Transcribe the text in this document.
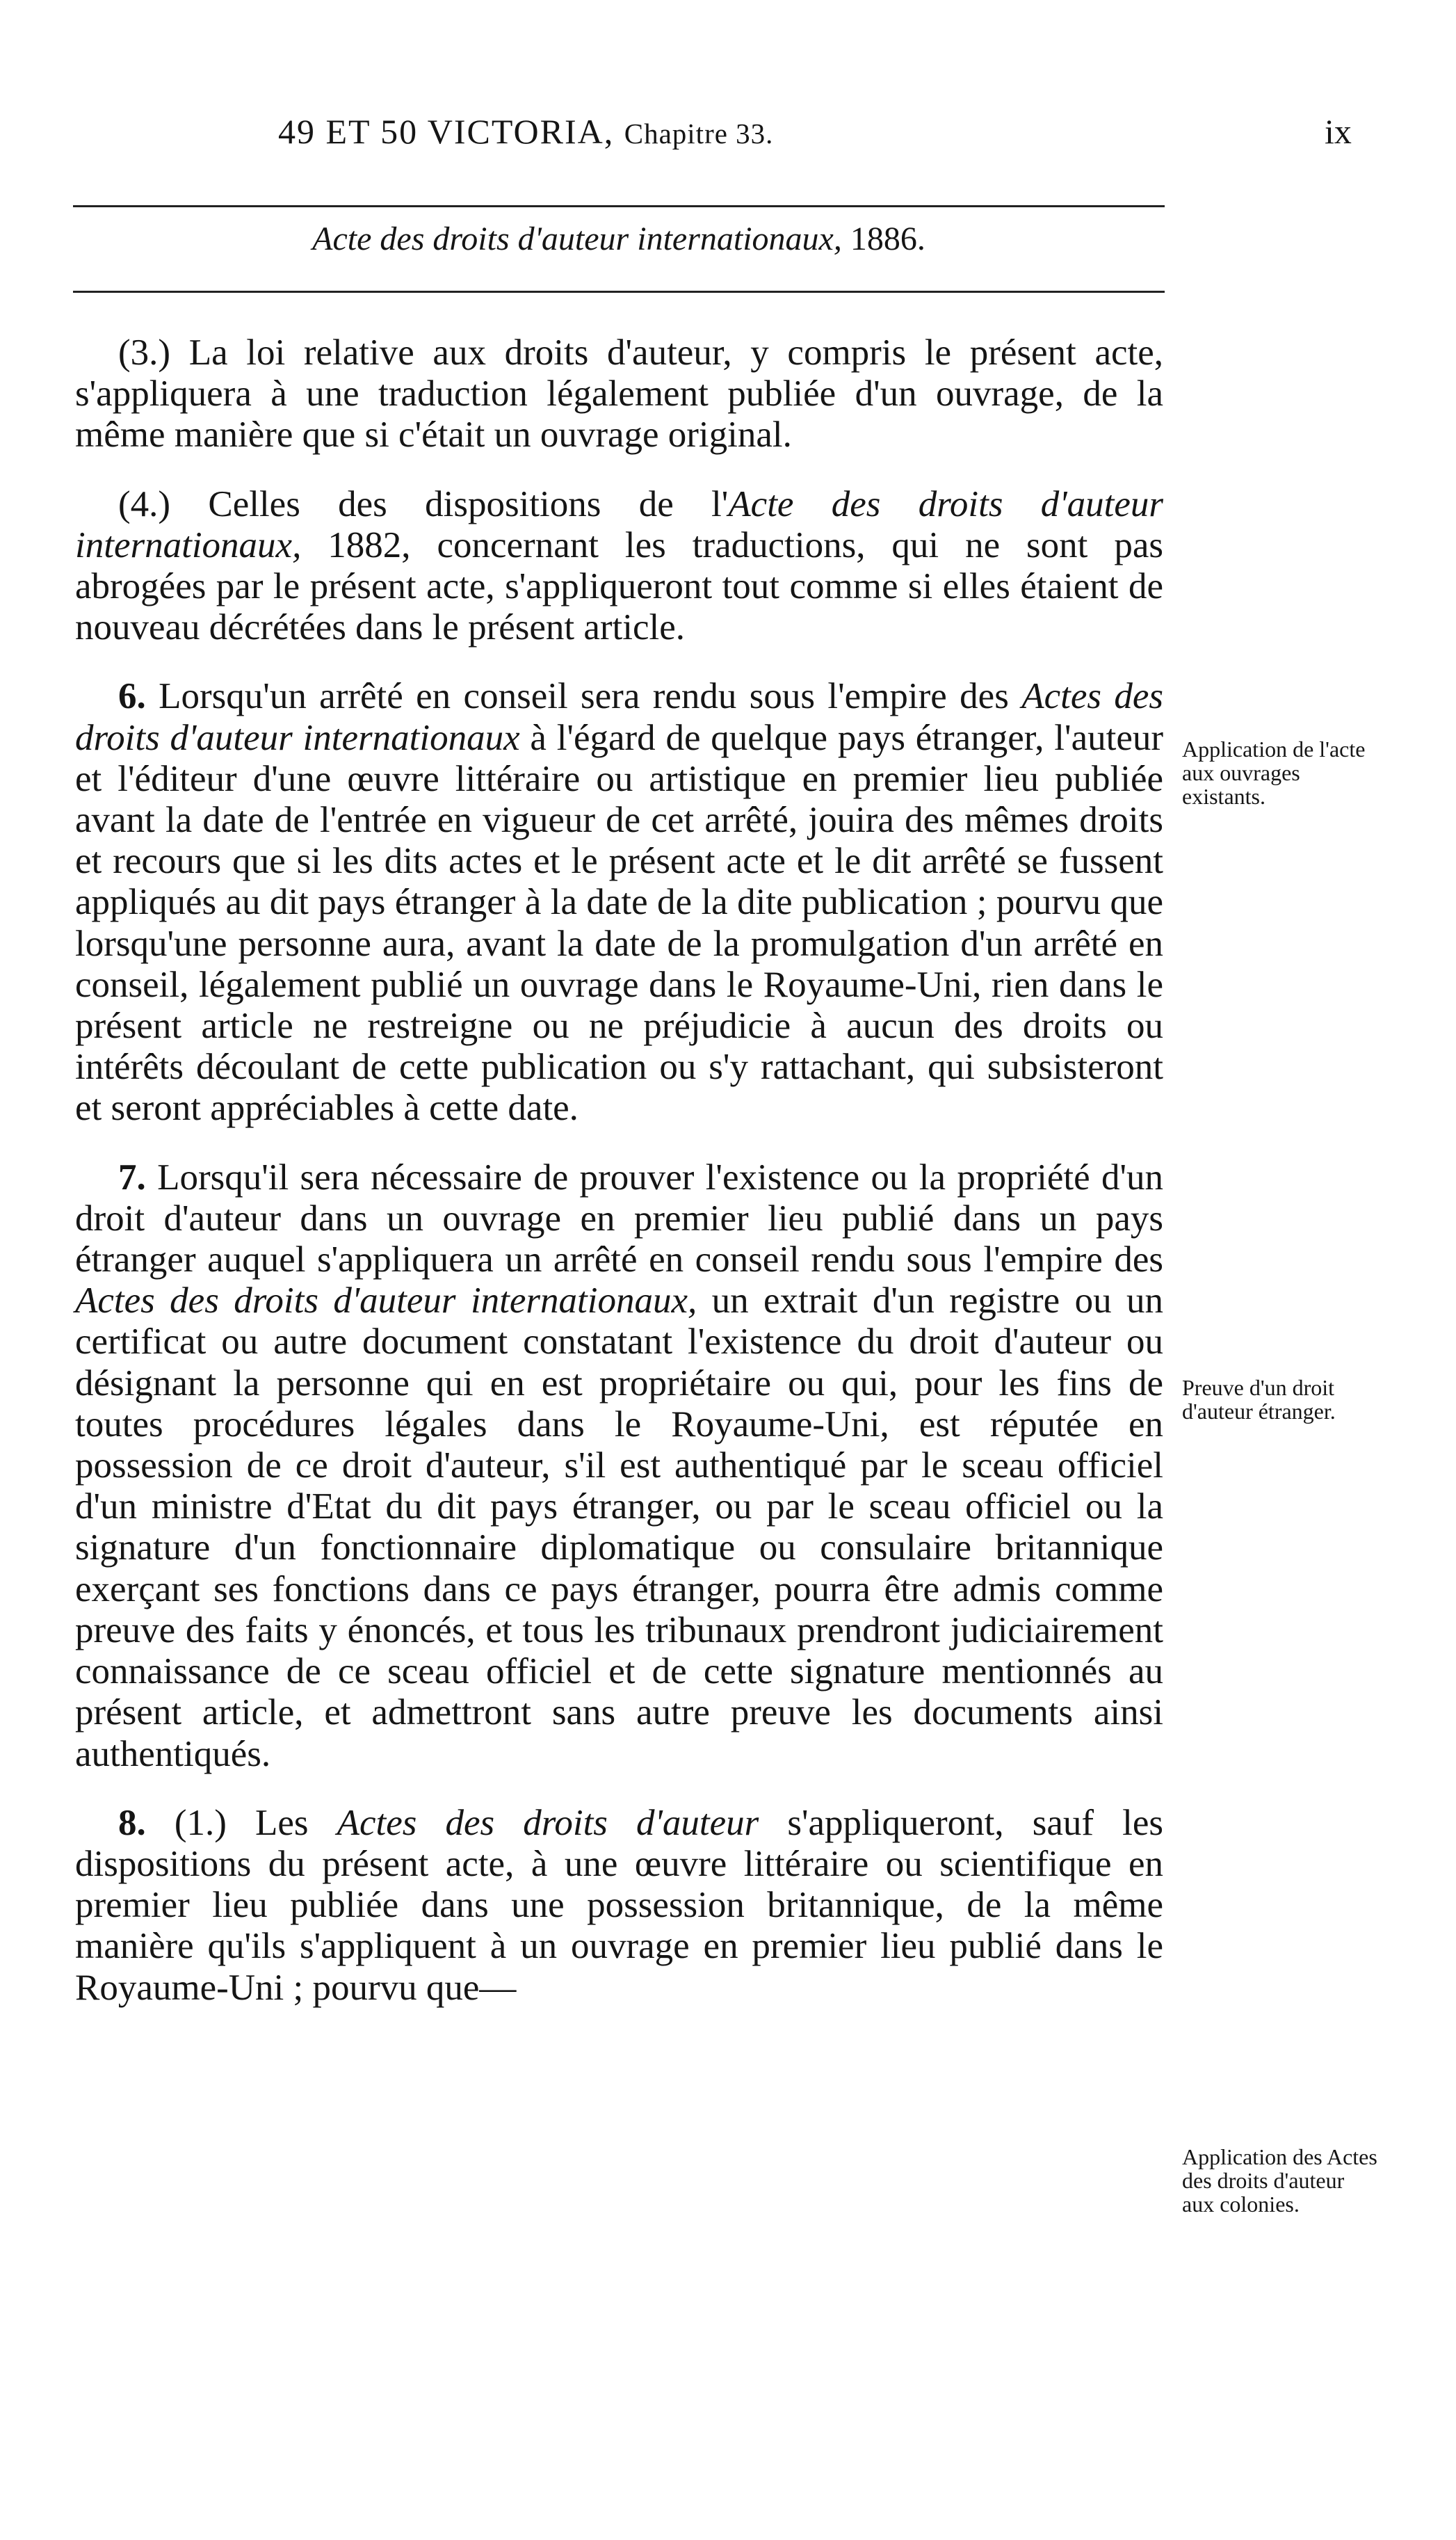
49 ET 50 VICTORIA, Chapitre 33.	ix
Acte des droits d'auteur internationaux, 1886.

(3.) La loi relative aux droits d'auteur, y compris le présent acte, s'appliquera à une traduction légalement publiée d'un ouvrage, de la même manière que si c'était un ouvrage original.

(4.) Celles des dispositions de l'Acte des droits d'auteur internationaux, 1882, concernant les traductions, qui ne sont pas abrogées par le présent acte, s'appliqueront tout comme si elles étaient de nouveau décrétées dans le présent article.

6. Lorsqu'un arrêté en conseil sera rendu sous l'empire des Actes des droits d'auteur internationaux à l'égard de quelque pays étranger, l'auteur et l'éditeur d'une œuvre littéraire ou artistique en premier lieu publiée avant la date de l'entrée en vigueur de cet arrêté, jouira des mêmes droits et recours que si les dits actes et le présent acte et le dit arrêté se fussent appliqués au dit pays étranger à la date de la dite publication ; pourvu que lorsqu'une personne aura, avant la date de la promulgation d'un arrêté en conseil, légalement publié un ouvrage dans le Royaume-Uni, rien dans le présent article ne restreigne ou ne préjudicie à aucun des droits ou intérêts découlant de cette publication ou s'y rattachant, qui subsisteront et seront appréciables à cette date.

7. Lorsqu'il sera nécessaire de prouver l'existence ou la propriété d'un droit d'auteur dans un ouvrage en premier lieu publié dans un pays étranger auquel s'appliquera un arrêté en conseil rendu sous l'empire des Actes des droits d'auteur internationaux, un extrait d'un registre ou un certificat ou autre document constatant l'existence du droit d'auteur ou désignant la personne qui en est propriétaire ou qui, pour les fins de toutes procédures légales dans le Royaume-Uni, est réputée en possession de ce droit d'auteur, s'il est authentiqué par le sceau officiel d'un ministre d'Etat du dit pays étranger, ou par le sceau officiel ou la signature d'un fonctionnaire diplomatique ou consulaire britannique exerçant ses fonctions dans ce pays étranger, pourra être admis comme preuve des faits y énoncés, et tous les tribunaux prendront judiciairement connaissance de ce sceau officiel et de cette signature mentionnés au présent article, et admettront sans autre preuve les documents ainsi authentiqués.

8. (1.) Les Actes des droits d'auteur s'appliqueront, sauf les dispositions du présent acte, à une œuvre littéraire ou scientifique en premier lieu publiée dans une possession britannique, de la même manière qu'ils s'appliquent à un ouvrage en premier lieu publié dans le Royaume-Uni ; pourvu que—

Application de l'acte aux ouvrages existants.
Preuve d'un droit d'auteur étranger.
Application des Actes des droits d'auteur aux colonies.
